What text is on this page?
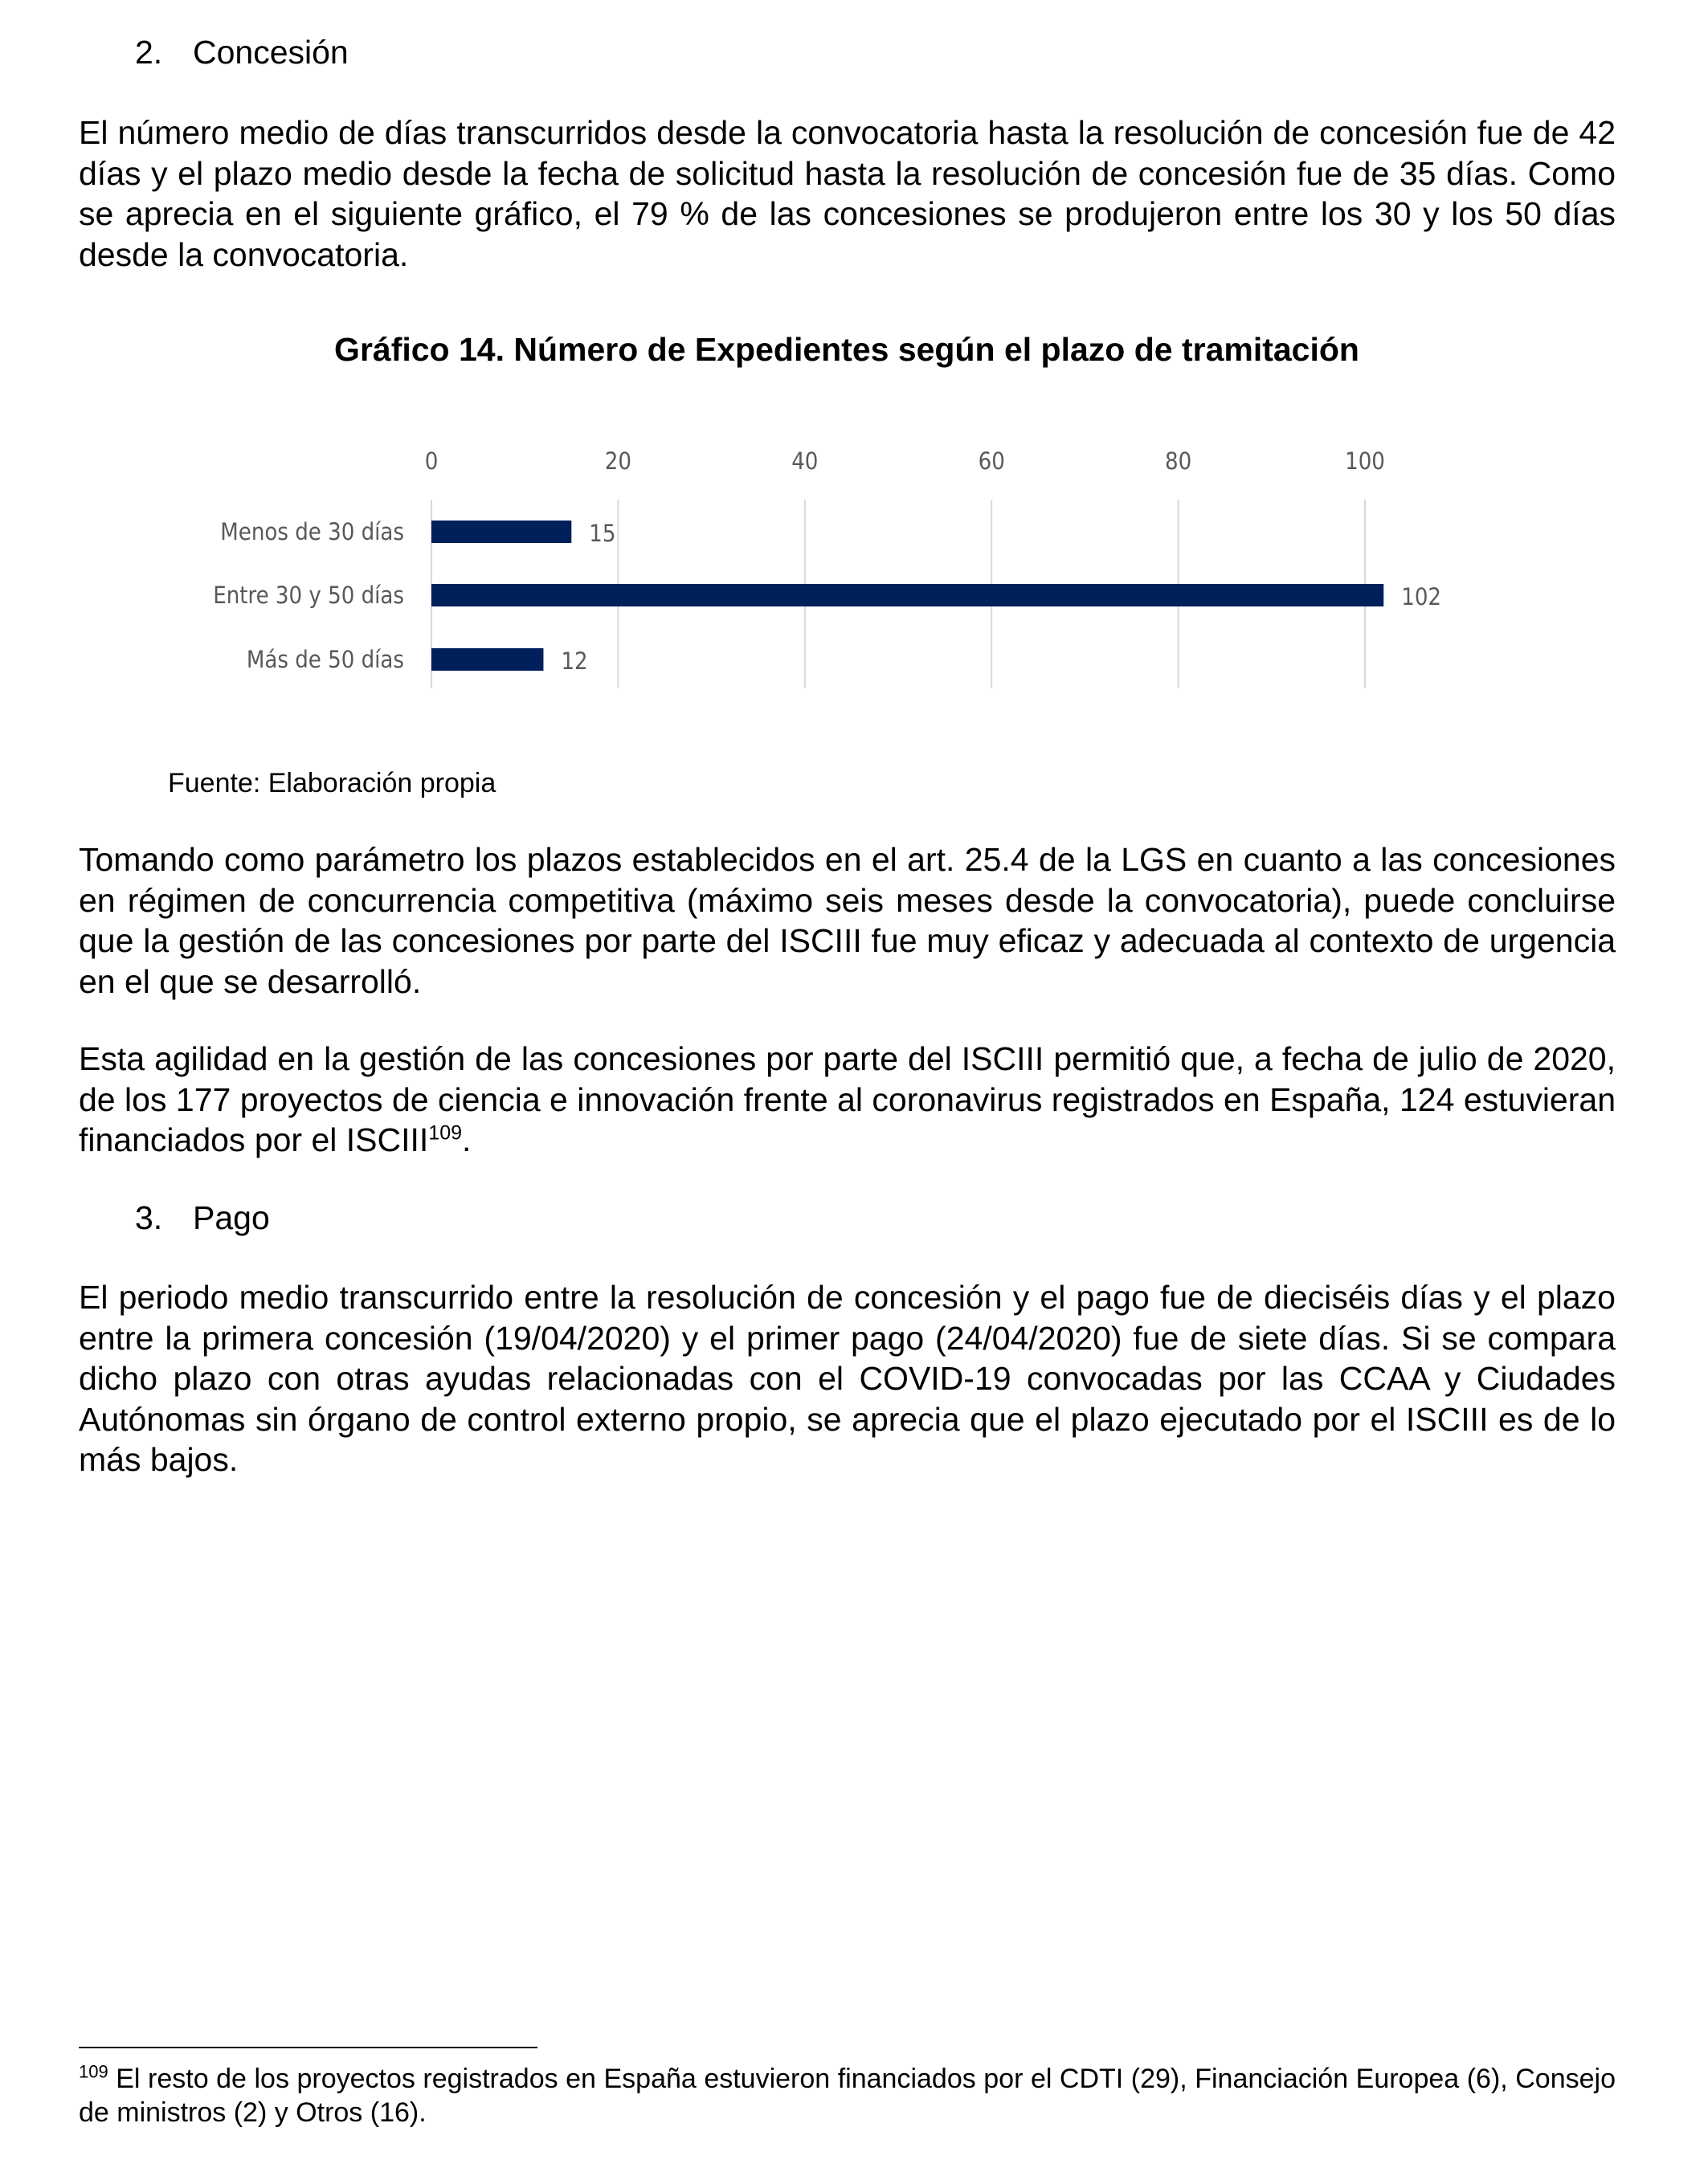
2. Concesión

El número medio de días transcurridos desde la convocatoria hasta la resolución de concesión fue de 42 días y el plazo medio desde la fecha de solicitud hasta la resolución de concesión fue de 35 días. Como se aprecia en el siguiente gráfico, el 79 % de las concesiones se produjeron entre los 30 y los 50 días desde la convocatoria.

Gráfico 14. Número de Expedientes según el plazo de tramitación
0	20	40	60	80	100
Menos de 30 días	15
Entre 30 y 50 días	102
Más de 50 días	12
Fuente: Elaboración propia

Tomando como parámetro los plazos establecidos en el art. 25.4 de la LGS en cuanto a las concesiones en régimen de concurrencia competitiva (máximo seis meses desde la convocatoria), puede concluirse que la gestión de las concesiones por parte del ISCIII fue muy eficaz y adecuada al contexto de urgencia en el que se desarrolló.

Esta agilidad en la gestión de las concesiones por parte del ISCIII permitió que, a fecha de julio de 2020, de los 177 proyectos de ciencia e innovación frente al coronavirus registrados en España, 124 estuvieran financiados por el ISCIII$^{109}$.

3. Pago

El periodo medio transcurrido entre la resolución de concesión y el pago fue de dieciséis días y el plazo entre la primera concesión (19/04/2020) y el primer pago (24/04/2020) fue de siete días. Si se compara dicho plazo con otras ayudas relacionadas con el COVID-19 convocadas por las CCAA y Ciudades Autónomas sin órgano de control externo propio, se aprecia que el plazo ejecutado por el ISCIII es de lo más bajos.

$^{109}$ El resto de los proyectos registrados en España estuvieron financiados por el CDTI (29), Financiación Europea (6), Consejo de ministros (2) y Otros (16).
